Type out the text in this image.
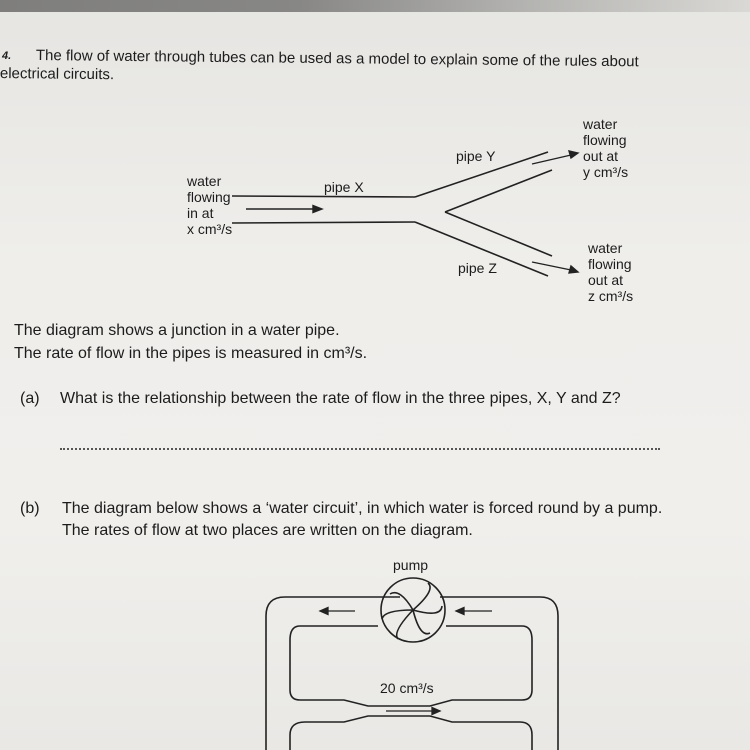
4. The flow of water through tubes can be used as a model to explain some of the rules about
electrical circuits.
water
flowing
in at
x cm³/s
pipe X
pipe Y
pipe Z
water
flowing
out at
y cm³/s
water
flowing
out at
z cm³/s
The diagram shows a junction in a water pipe.
The rate of flow in the pipes is measured in cm³/s.
(a) What is the relationship between the rate of flow in the three pipes, X, Y and Z?
(b) The diagram below shows a ‘water circuit’, in which water is forced round by a pump.
The rates of flow at two places are written on the diagram.
pump
20 cm³/s
